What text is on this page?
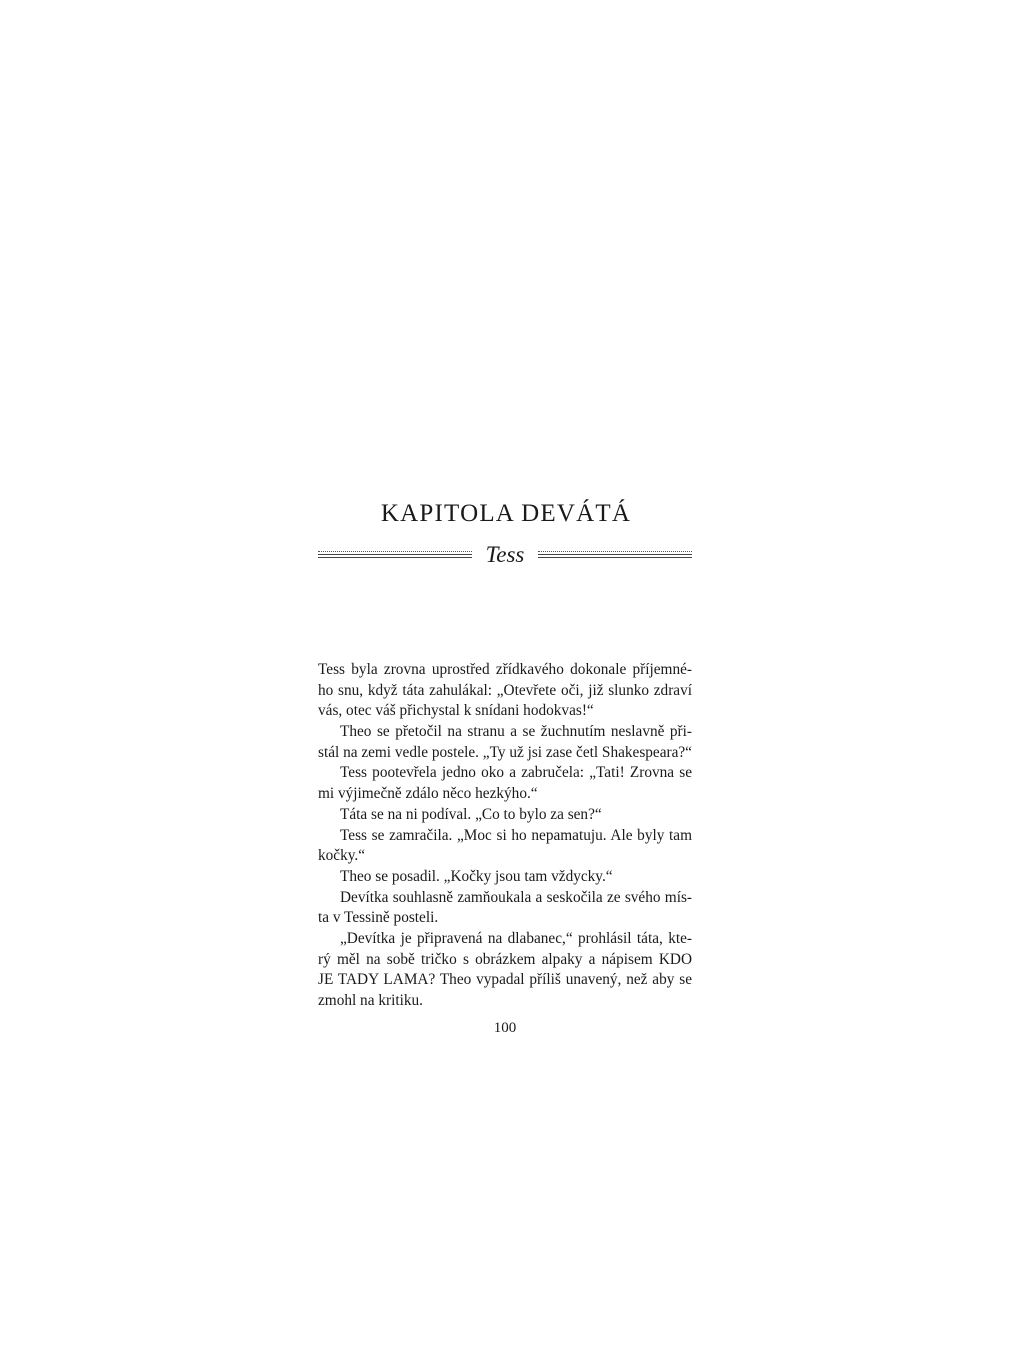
KAPITOLA DEVÁTÁ
Tess
Tess byla zrovna uprostřed zřídkavého dokonale příjemné-
ho snu, když táta zahulákal: „Otevřete oči, již slunko zdraví
vás, otec váš přichystal k snídani hodokvas!“
Theo se přetočil na stranu a se žuchnutím neslavně při-
stál na zemi vedle postele. „Ty už jsi zase četl Shakespeara?“
Tess pootevřela jedno oko a zabručela: „Tati! Zrovna se
mi výjimečně zdálo něco hezkýho.“
Táta se na ni podíval. „Co to bylo za sen?“
Tess se zamračila. „Moc si ho nepamatuju. Ale byly tam
kočky.“
Theo se posadil. „Kočky jsou tam vždycky.“
Devítka souhlasně zamňoukala a seskočila ze svého mís-
ta v Tessině posteli.
„Devítka je připravená na dlabanec,“ prohlásil táta, kte-
rý měl na sobě tričko s obrázkem alpaky a nápisem KDO
JE TADY LAMA? Theo vypadal příliš unavený, než aby se
zmohl na kritiku.
100
